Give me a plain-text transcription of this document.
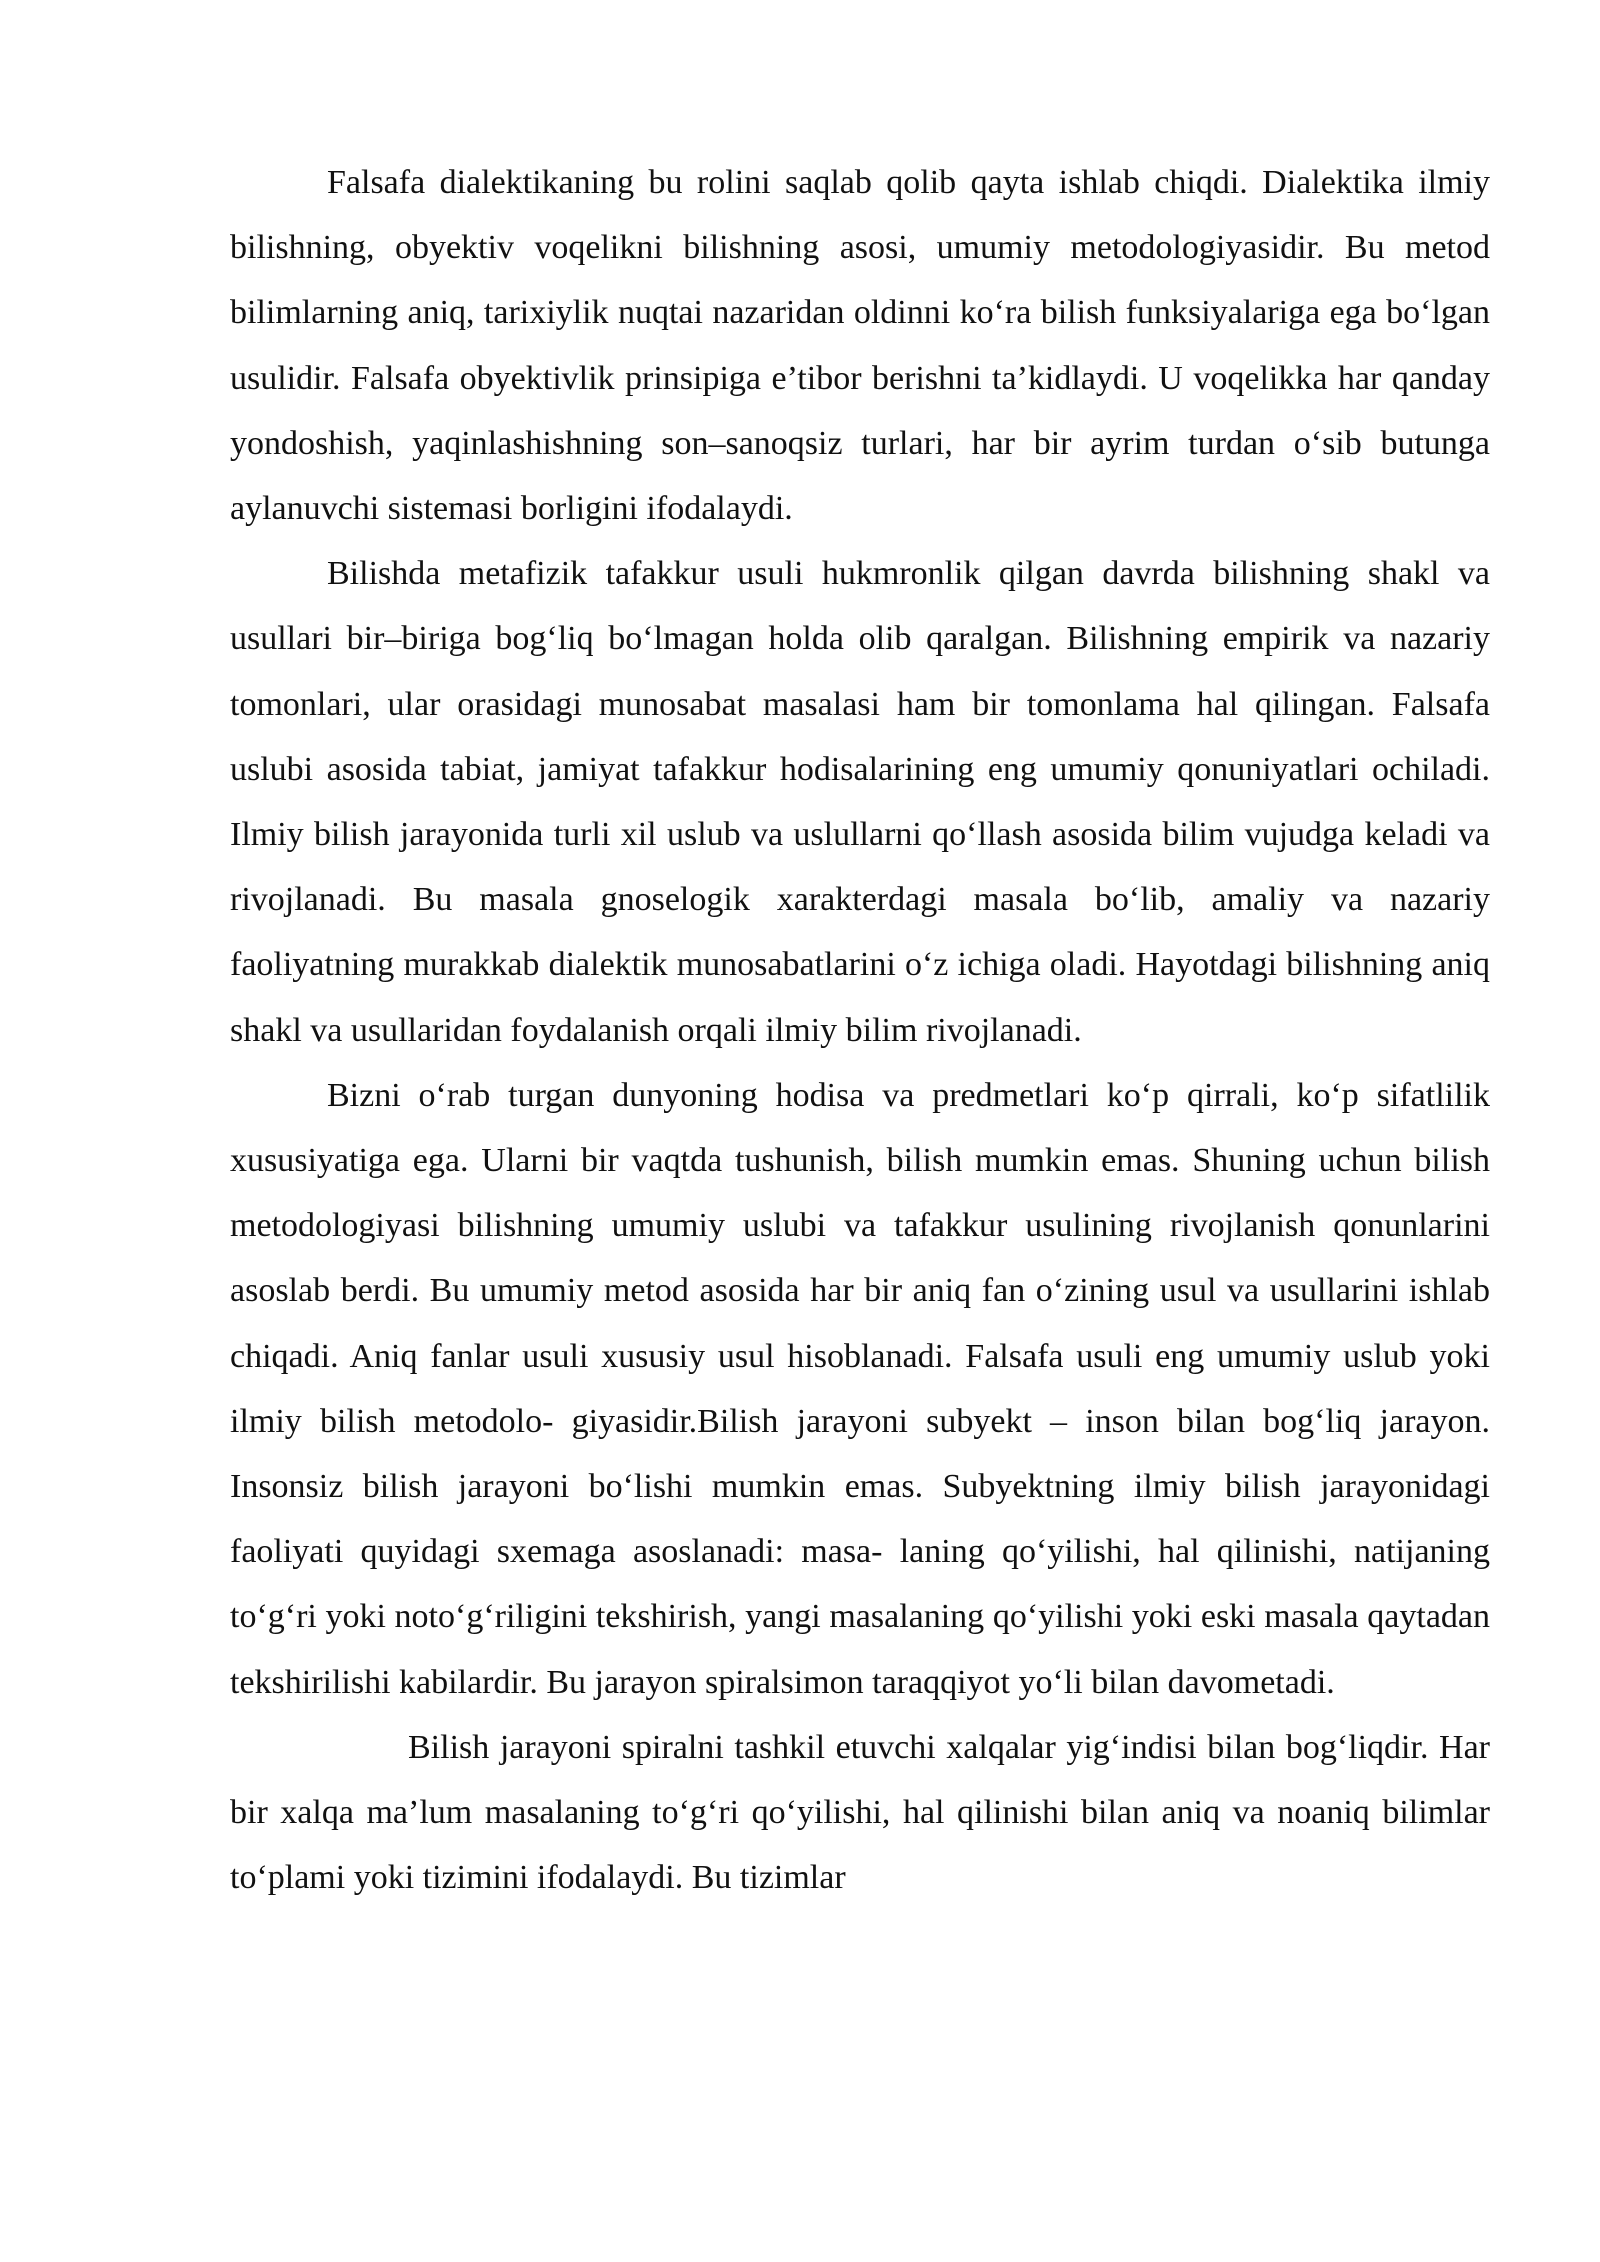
Falsafa dialektikaning bu rolini saqlab qolib qayta ishlab chiqdi. Dialektika ilmiy bilishning, obyektiv voqelikni bilishning asosi, umumiy metodologiyasidir. Bu metod bilimlarning aniq, tarixiylik nuqtai nazaridan oldinni ko‘ra bilish funksiyalariga ega bo‘lgan usulidir. Falsafa obyektivlik prinsipiga e’tibor berishni ta’kidlaydi. U voqelikka har qanday yondoshish, yaqinlashishning son–sanoqsiz turlari, har bir ayrim turdan o‘sib butunga aylanuvchi sistemasi borligini ifodalaydi.

Bilishda metafizik tafakkur usuli hukmronlik qilgan davrda bilishning shakl va usullari bir–biriga bog‘liq bo‘lmagan holda olib qaralgan. Bilishning empirik va nazariy tomonlari, ular orasidagi munosabat masalasi ham bir tomonlama hal qilingan. Falsafa uslubi asosida tabiat, jamiyat tafakkur hodisalarining eng umumiy qonuniyatlari ochiladi. Ilmiy bilish jarayonida turli xil uslub va uslullarni qo‘llash asosida bilim vujudga keladi va rivojlanadi. Bu masala gnoselogik xarakterdagi masala bo‘lib, amaliy va nazariy faoliyatning murakkab dialektik munosabatlarini o‘z ichiga oladi. Hayotdagi bilishning aniq shakl va usullaridan foydalanish orqali ilmiy bilim rivojlanadi.

Bizni o‘rab turgan dunyoning hodisa va predmetlari ko‘p qirrali, ko‘p sifatlilik xususiyatiga ega. Ularni bir vaqtda tushunish, bilish mumkin emas. Shuning uchun bilish metodologiyasi bilishning umumiy uslubi va tafakkur usulining rivojlanish qonunlarini asoslab berdi. Bu umumiy metod asosida har bir aniq fan o‘zining usul va usullarini ishlab chiqadi. Aniq fanlar usuli xususiy usul hisoblanadi. Falsafa usuli eng umumiy uslub yoki ilmiy bilish metodolo- giyasidir.Bilish jarayoni subyekt – inson bilan bog‘liq jarayon. Insonsiz bilish jarayoni bo‘lishi mumkin emas. Subyektning ilmiy bilish jarayonidagi faoliyati quyidagi sxemaga asoslanadi: masa- laning qo‘yilishi, hal qilinishi, natijaning to‘g‘ri yoki noto‘g‘riligini tekshirish, yangi masalaning qo‘yilishi yoki eski masala qaytadan tekshirilishi kabilardir. Bu jarayon spiralsimon taraqqiyot yo‘li bilan davometadi.

Bilish jarayoni spiralni tashkil etuvchi xalqalar yig‘indisi bilan bog‘liqdir. Har bir xalqa ma’lum masalaning to‘g‘ri qo‘yilishi, hal qilinishi bilan aniq va noaniq bilimlar to‘plami yoki tizimini ifodalaydi. Bu tizimlar
